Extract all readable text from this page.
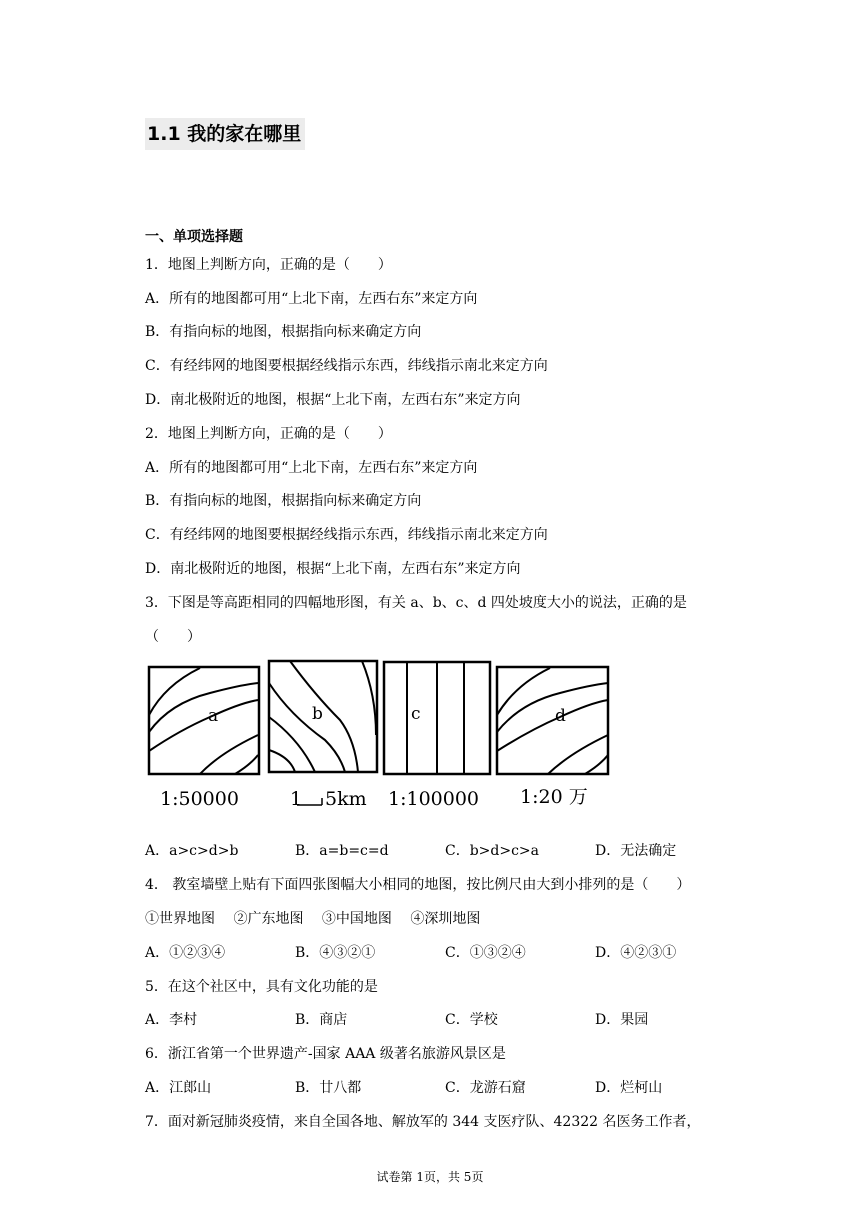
1.1 我的家在哪里
一、单项选择题
1．地图上判断方向，正确的是（　　）
A．所有的地图都可用“上北下南，左西右东”来定方向
B．有指向标的地图，根据指向标来确定方向
C．有经纬网的地图要根据经线指示东西，纬线指示南北来定方向
D．南北极附近的地图，根据“上北下南，左西右东”来定方向
2．地图上判断方向，正确的是（　　）
A．所有的地图都可用“上北下南，左西右东”来定方向
B．有指向标的地图，根据指向标来确定方向
C．有经纬网的地图要根据经线指示东西，纬线指示南北来定方向
D．南北极附近的地图，根据“上北下南，左西右东”来定方向
3．下图是等高距相同的四幅地形图，有关 a、b、c、d 四处坡度大小的说法，正确的是
（　　）
a	b	c	d
1:50000	1 5km 1:100000 1:20 万
A．a>c>d>b	B．a=b=c=d	C．b>d>c>a	D．无法确定
4． 教室墙壁上贴有下面四张图幅大小相同的地图，按比例尺由大到小排列的是（　　）
①世界地图　 ②广东地图　 ③中国地图　 ④深圳地图
A．①②③④	B．④③②①	C．①③②④	D．④②③①
5．在这个社区中，具有文化功能的是
A．李村	B．商店	C．学校	D．果园
6．浙江省第一个世界遗产-国家 AAA 级著名旅游风景区是
A．江郎山	B．廿八都	C．龙游石窟	D．烂柯山
7．面对新冠肺炎疫情，来自全国各地、解放军的 344 支医疗队、42322 名医务工作者，
试卷第 1页，共 5页
